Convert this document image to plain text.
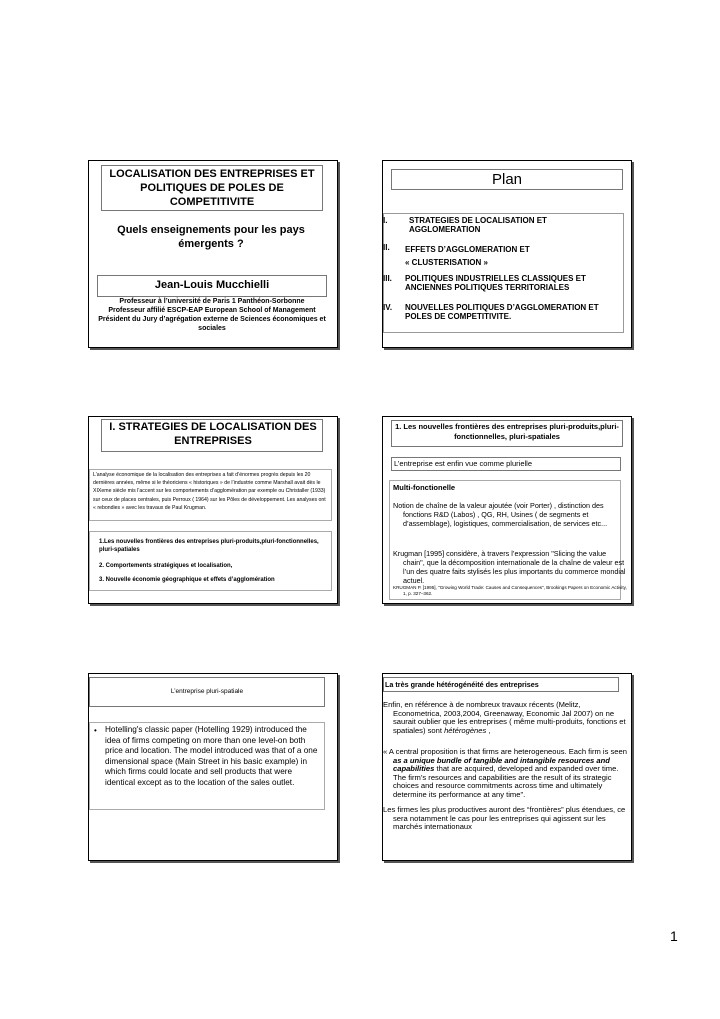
LOCALISATION DES ENTREPRISES ET POLITIQUES DE POLES DE COMPETITIVITE
Quels enseignements pour les pays émergents ?
Jean-Louis Mucchielli
Professeur à l’université de Paris 1 Panthéon-Sorbonne
Professeur affilié ESCP-EAP European School of Management
Président du Jury d’agrégation externe de Sciences économiques et sociales
Plan
I.	STRATEGIES DE LOCALISATION ET
AGGLOMERATION
II. EFFETS D’AGGLOMERATION ET
« CLUSTERISATION »
III. POLITIQUES INDUSTRIELLES CLASSIQUES ET
ANCIENNES POLITIQUES TERRITORIALES
IV. NOUVELLES POLITIQUES D’AGGLOMERATION ET
POLES DE COMPETITIVITE.
I. STRATEGIES DE LOCALISATION DES ENTREPRISES
L’analyse économique de la localisation des entreprises a fait d’énormes progrès depuis les 20 dernières années, même si le théoriciens « historiques » de l’industrie comme Marshall avait dès le XIXeme siècle mis l’accent sur les comportements d’agglomération par exemple ou Christaller (1933) sur ceux de places centrales, puis Perroux ( 1964) sur les Pôles de développement. Les analyses ont « rebondies » avec les travaux de Paul Krugman.
1.Les nouvelles frontières des entreprises pluri-produits,pluri-fonctionnelles, pluri-spatiales
2. Comportements stratégiques et localisation,
3. Nouvelle économie géographique et effets d’agglomération
1. Les nouvelles frontières des entreprises pluri-produits,pluri-fonctionnelles, pluri-spatiales
L’entreprise est enfin vue comme plurielle
Multi-fonctionelle
Notion de chaîne de la valeur ajoutée (voir Porter) , distinction des fonctions R&D (Labos) , QG, RH, Usines ( de segments et d’assemblage), logistiques, commercialisation, de services etc...
Krugman [1995] considère, à travers l’expression "Slicing the value chain", que la décomposition internationale de la chaîne de valeur est l’un des quatre faits stylisés les plus importants du commerce mondial actuel.
KRUGMAN P. [1995], "Growing World Trade: Causes and Consequences", Brookings Papers on Economic Activity, 1, p. 327–362.
L’entreprise pluri-spatiale
• Hotelling's classic paper (Hotelling 1929) introduced the idea of firms competing on more than one level-on both price and location. The model introduced was that of a one dimensional space (Main Street in his basic example) in which firms could locate and sell products that were identical except as to the location of the sales outlet.
La très grande hétérogénéité des entreprises
Enfin, en référence à de nombreux travaux récents (Melitz, Econometrica, 2003,2004, Greenaway, Economic Jal 2007) on ne saurait oublier que les entreprises ( même multi-produits, fonctions et spatiales) sont hétérogènes ,
« A central proposition is that firms are heterogeneous. Each firm is seen as a unique bundle of tangible and intangible resources and capabilities that are acquired, developed and expanded over time. The firm’s resources and capabilities are the result of its strategic choices and resource commitments across time and ultimately determine its performance at any time".
Les firmes les plus productives auront des “frontières” plus étendues, ce sera notamment le cas pour les entreprises qui agissent sur les marchés internationaux
1
